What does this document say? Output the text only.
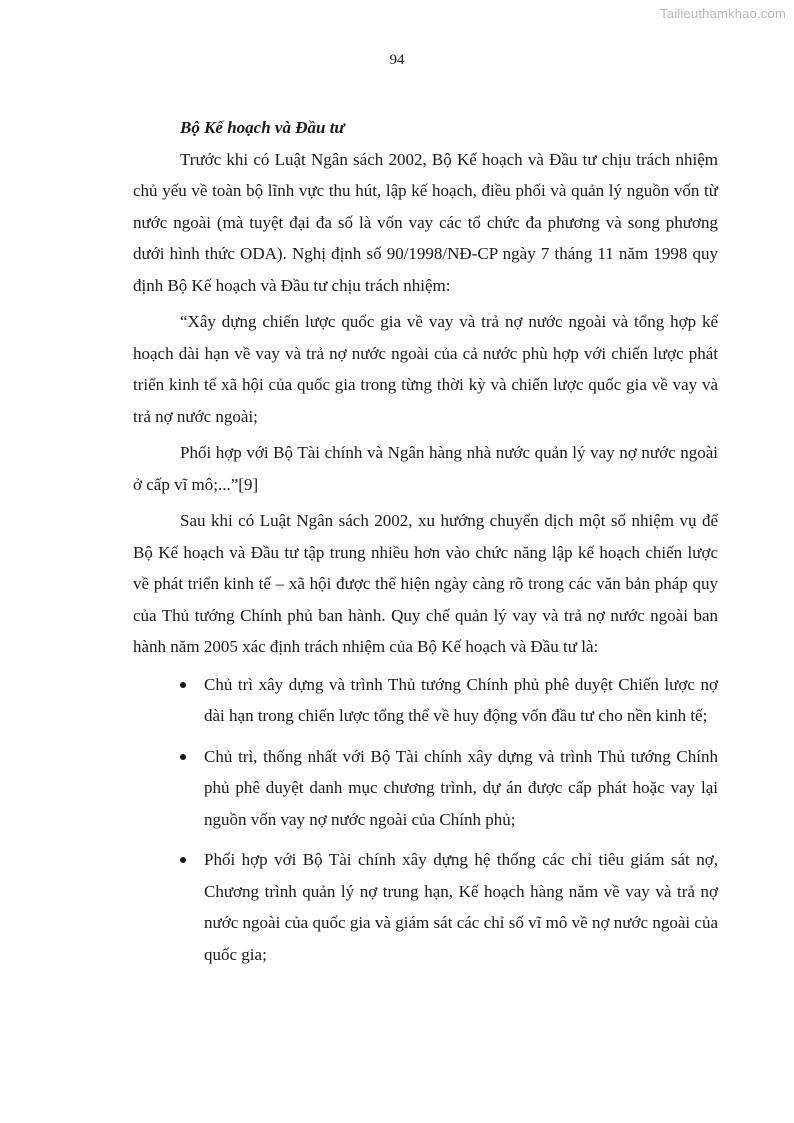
Tailieuthamkhao.com
94
Bộ Kế hoạch và Đầu tư

Trước khi có Luật Ngân sách 2002, Bộ Kế hoạch và Đầu tư chịu trách nhiệm chủ yếu về toàn bộ lĩnh vực thu hút, lập kế hoạch, điều phối và quản lý nguồn vốn từ nước ngoài (mà tuyệt đại đa số là vốn vay các tổ chức đa phương và song phương dưới hình thức ODA). Nghị định số 90/1998/NĐ-CP ngày 7 tháng 11 năm 1998 quy định Bộ Kế hoạch và Đầu tư chịu trách nhiệm:

“Xây dựng chiến lược quốc gia về vay và trả nợ nước ngoài và tổng hợp kế hoạch dài hạn về vay và trả nợ nước ngoài của cả nước phù hợp với chiến lược phát triển kinh tế xã hội của quốc gia trong từng thời kỳ và chiến lược quốc gia về vay và trả nợ nước ngoài;

Phối hợp với Bộ Tài chính và Ngân hàng nhà nước quản lý vay nợ nước ngoài ở cấp vĩ mô;...”[9]

Sau khi có Luật Ngân sách 2002, xu hướng chuyển dịch một số nhiệm vụ để Bộ Kế hoạch và Đầu tư tập trung nhiều hơn vào chức năng lập kế hoạch chiến lược về phát triển kinh tế – xã hội được thể hiện ngày càng rõ trong các văn bản pháp quy của Thủ tướng Chính phủ ban hành. Quy chế quản lý vay và trả nợ nước ngoài ban hành năm 2005 xác định trách nhiệm của Bộ Kế hoạch và Đầu tư là:

Chủ trì xây dựng và trình Thủ tướng Chính phủ phê duyệt Chiến lược nợ dài hạn trong chiến lược tổng thể về huy động vốn đầu tư cho nền kinh tế;
Chủ trì, thống nhất với Bộ Tài chính xây dựng và trình Thủ tướng Chính phủ phê duyệt danh mục chương trình, dự án được cấp phát hoặc vay lại nguồn vốn vay nợ nước ngoài của Chính phủ;
Phối hợp với Bộ Tài chính xây dựng hệ thống các chỉ tiêu giám sát nợ, Chương trình quản lý nợ trung hạn, Kế hoạch hàng năm về vay và trả nợ nước ngoài của quốc gia và giám sát các chỉ số vĩ mô về nợ nước ngoài của quốc gia;
